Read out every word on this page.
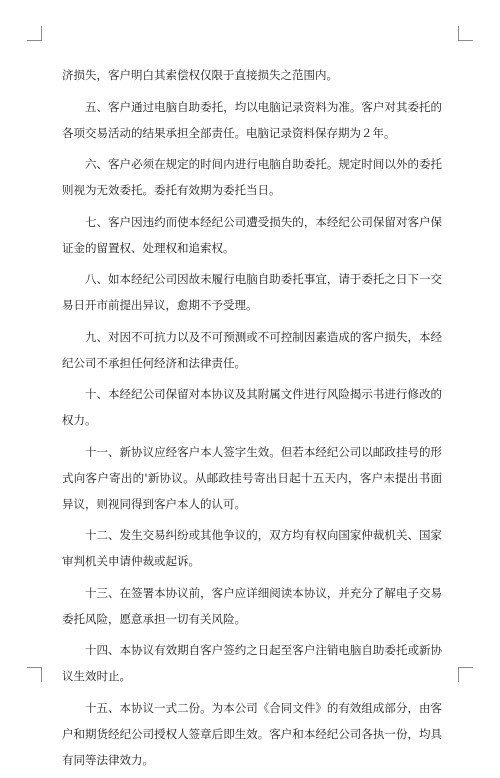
济损失，客户明白其索偿权仅限于直接损失之范围内。

五、客户通过电脑自助委托，均以电脑记录资料为准。客户对其委托的各项交易活动的结果承担全部责任。电脑记录资料保存期为２年。

六、客户必须在规定的时间内进行电脑自助委托。规定时间以外的委托则视为无效委托。委托有效期为委托当日。

七、客户因违约而使本经纪公司遭受损失的，本经纪公司保留对客户保证金的留置权、处理权和追索权。

八、如本经纪公司因故未履行电脑自助委托事宜，请于委托之日下一交易日开市前提出异议，愈期不予受理。

九、对因不可抗力以及不可预测或不可控制因素造成的客户损失，本经纪公司不承担任何经济和法律责任。

十、本经纪公司保留对本协议及其附属文件进行风险揭示书进行修改的权力。

十一、新协议应经客户本人签字生效。但若本经纪公司以邮政挂号的形式向客户寄出的'新协议。从邮政挂号寄出日起十五天内，客户未提出书面异议，则视同得到客户本人的认可。

十二、发生交易纠纷或其他争议的，双方均有权向国家仲裁机关、国家审判机关申请仲裁或起诉。

十三、在签署本协议前，客户应详细阅读本协议，并充分了解电子交易委托风险，愿意承担一切有关风险。

十四、本协议有效期自客户签约之日起至客户注销电脑自助委托或新协议生效时止。

十五、本协议一式二份。为本公司《合同文件》的有效组成部分，由客户和期货经纪公司授权人签章后即生效。客户和本经纪公司各执一份，均具有同等法律效力。
